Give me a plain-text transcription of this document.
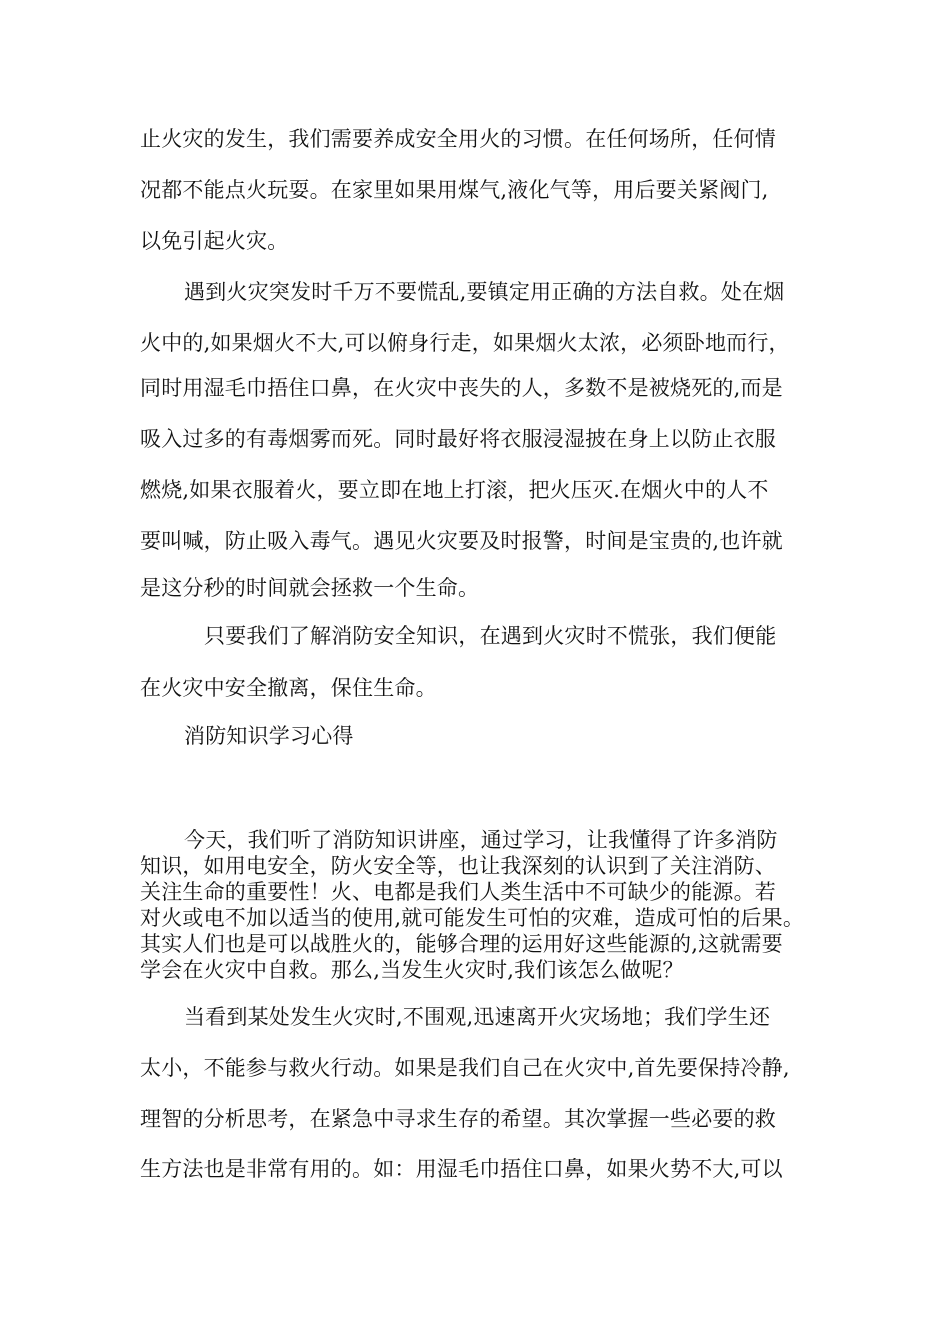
止火灾的发生，我们需要养成安全用火的习惯。在任何场所，任何情
况都不能点火玩耍。在家里如果用煤气,液化气等，用后要关紧阀门,
以免引起火灾。
遇到火灾突发时千万不要慌乱,要镇定用正确的方法自救。处在烟
火中的,如果烟火不大,可以俯身行走，如果烟火太浓，必须卧地而行，
同时用湿毛巾捂住口鼻，在火灾中丧失的人，多数不是被烧死的,而是
吸入过多的有毒烟雾而死。同时最好将衣服浸湿披在身上以防止衣服
燃烧,如果衣服着火，要立即在地上打滚，把火压灭.在烟火中的人不
要叫喊，防止吸入毒气。遇见火灾要及时报警，时间是宝贵的,也许就
是这分秒的时间就会拯救一个生命。
只要我们了解消防安全知识，在遇到火灾时不慌张，我们便能
在火灾中安全撤离，保住生命。
消防知识学习心得
今天，我们听了消防知识讲座，通过学习，让我懂得了许多消防
知识，如用电安全，防火安全等，也让我深刻的认识到了关注消防、
关注生命的重要性！火、电都是我们人类生活中不可缺少的能源。若
对火或电不加以适当的使用,就可能发生可怕的灾难，造成可怕的后果。
其实人们也是可以战胜火的，能够合理的运用好这些能源的,这就需要
学会在火灾中自救。那么,当发生火灾时,我们该怎么做呢？
当看到某处发生火灾时,不围观,迅速离开火灾场地；我们学生还
太小，不能参与救火行动。如果是我们自己在火灾中,首先要保持冷静,
理智的分析思考，在紧急中寻求生存的希望。其次掌握一些必要的救
生方法也是非常有用的。如：用湿毛巾捂住口鼻，如果火势不大,可以
